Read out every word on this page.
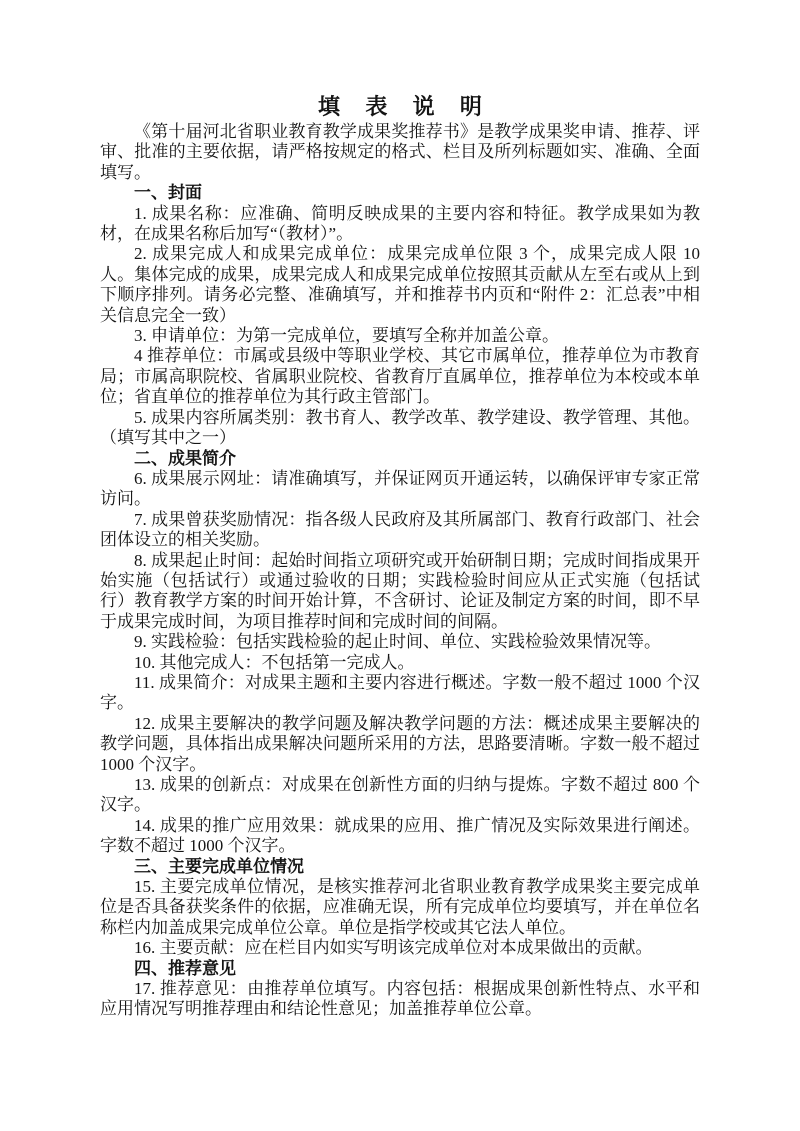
填 表 说 明

《第十届河北省职业教育教学成果奖推荐书》是教学成果奖申请、推荐、评审、批准的主要依据，请严格按规定的格式、栏目及所列标题如实、准确、全面填写。

一、封面

1. 成果名称：应准确、简明反映成果的主要内容和特征。教学成果如为教材，在成果名称后加写“（教材）”。

2. 成果完成人和成果完成单位：成果完成单位限 3 个，成果完成人限 10 人。集体完成的成果，成果完成人和成果完成单位按照其贡献从左至右或从上到下顺序排列。请务必完整、准确填写，并和推荐书内页和“附件 2：汇总表”中相关信息完全一致）

3. 申请单位：为第一完成单位，要填写全称并加盖公章。

4 推荐单位：市属或县级中等职业学校、其它市属单位，推荐单位为市教育局；市属高职院校、省属职业院校、省教育厅直属单位，推荐单位为本校或本单位；省直单位的推荐单位为其行政主管部门。

5. 成果内容所属类别：教书育人、教学改革、教学建设、教学管理、其他。（填写其中之一）

二、成果简介

6. 成果展示网址：请准确填写，并保证网页开通运转，以确保评审专家正常访问。

7. 成果曾获奖励情况：指各级人民政府及其所属部门、教育行政部门、社会团体设立的相关奖励。

8. 成果起止时间：起始时间指立项研究或开始研制日期；完成时间指成果开始实施（包括试行）或通过验收的日期；实践检验时间应从正式实施（包括试行）教育教学方案的时间开始计算，不含研讨、论证及制定方案的时间，即不早于成果完成时间，为项目推荐时间和完成时间的间隔。

9. 实践检验：包括实践检验的起止时间、单位、实践检验效果情况等。

10. 其他完成人：不包括第一完成人。

11. 成果简介：对成果主题和主要内容进行概述。字数一般不超过 1000 个汉字。

12. 成果主要解决的教学问题及解决教学问题的方法：概述成果主要解决的教学问题，具体指出成果解决问题所采用的方法，思路要清晰。字数一般不超过 1000 个汉字。

13. 成果的创新点：对成果在创新性方面的归纳与提炼。字数不超过 800 个汉字。

14. 成果的推广应用效果：就成果的应用、推广情况及实际效果进行阐述。字数不超过 1000 个汉字。

三、主要完成单位情况

15. 主要完成单位情况，是核实推荐河北省职业教育教学成果奖主要完成单位是否具备获奖条件的依据，应准确无误，所有完成单位均要填写，并在单位名称栏内加盖成果完成单位公章。单位是指学校或其它法人单位。

16. 主要贡献：应在栏目内如实写明该完成单位对本成果做出的贡献。

四、推荐意见

17. 推荐意见：由推荐单位填写。内容包括：根据成果创新性特点、水平和应用情况写明推荐理由和结论性意见；加盖推荐单位公章。
